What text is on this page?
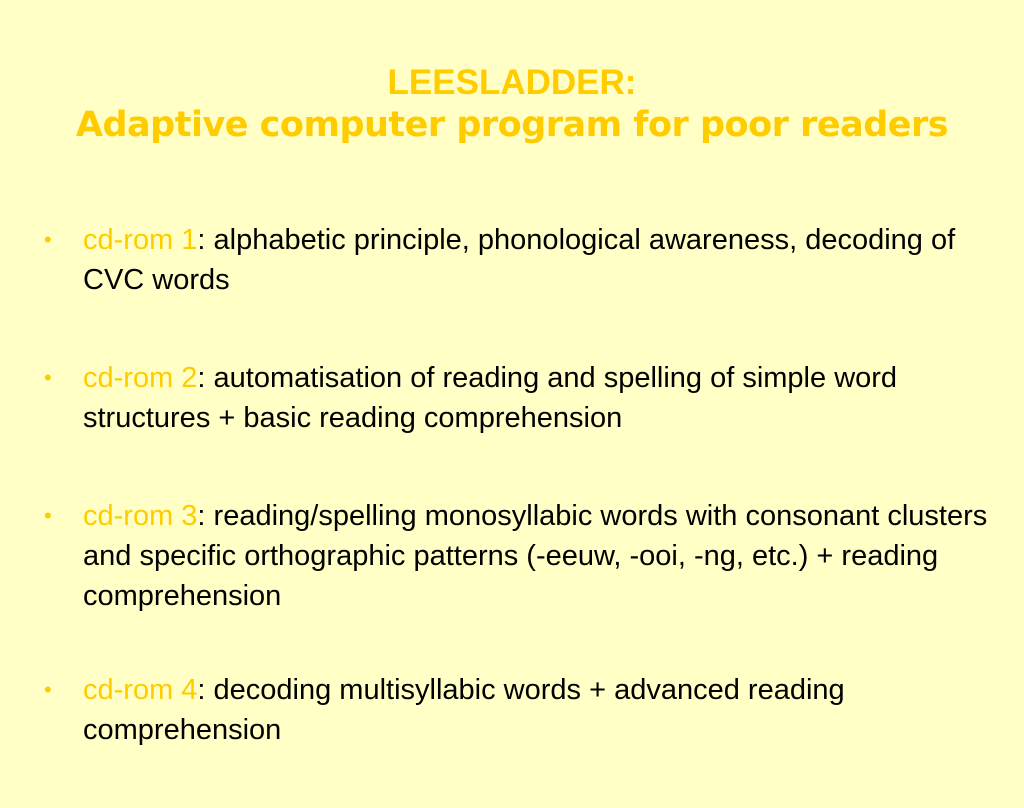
LEESLADDER:
Adaptive computer program for poor readers
•	cd-rom 1: alphabetic principle, phonological awareness, decoding of CVC words
•	cd-rom 2: automatisation of reading and spelling of simple word structures + basic reading comprehension
•	cd-rom 3: reading/spelling monosyllabic words with consonant clusters and specific orthographic patterns (-eeuw, -ooi, -ng, etc.) + reading comprehension
•	cd-rom 4: decoding multisyllabic words + advanced reading comprehension
